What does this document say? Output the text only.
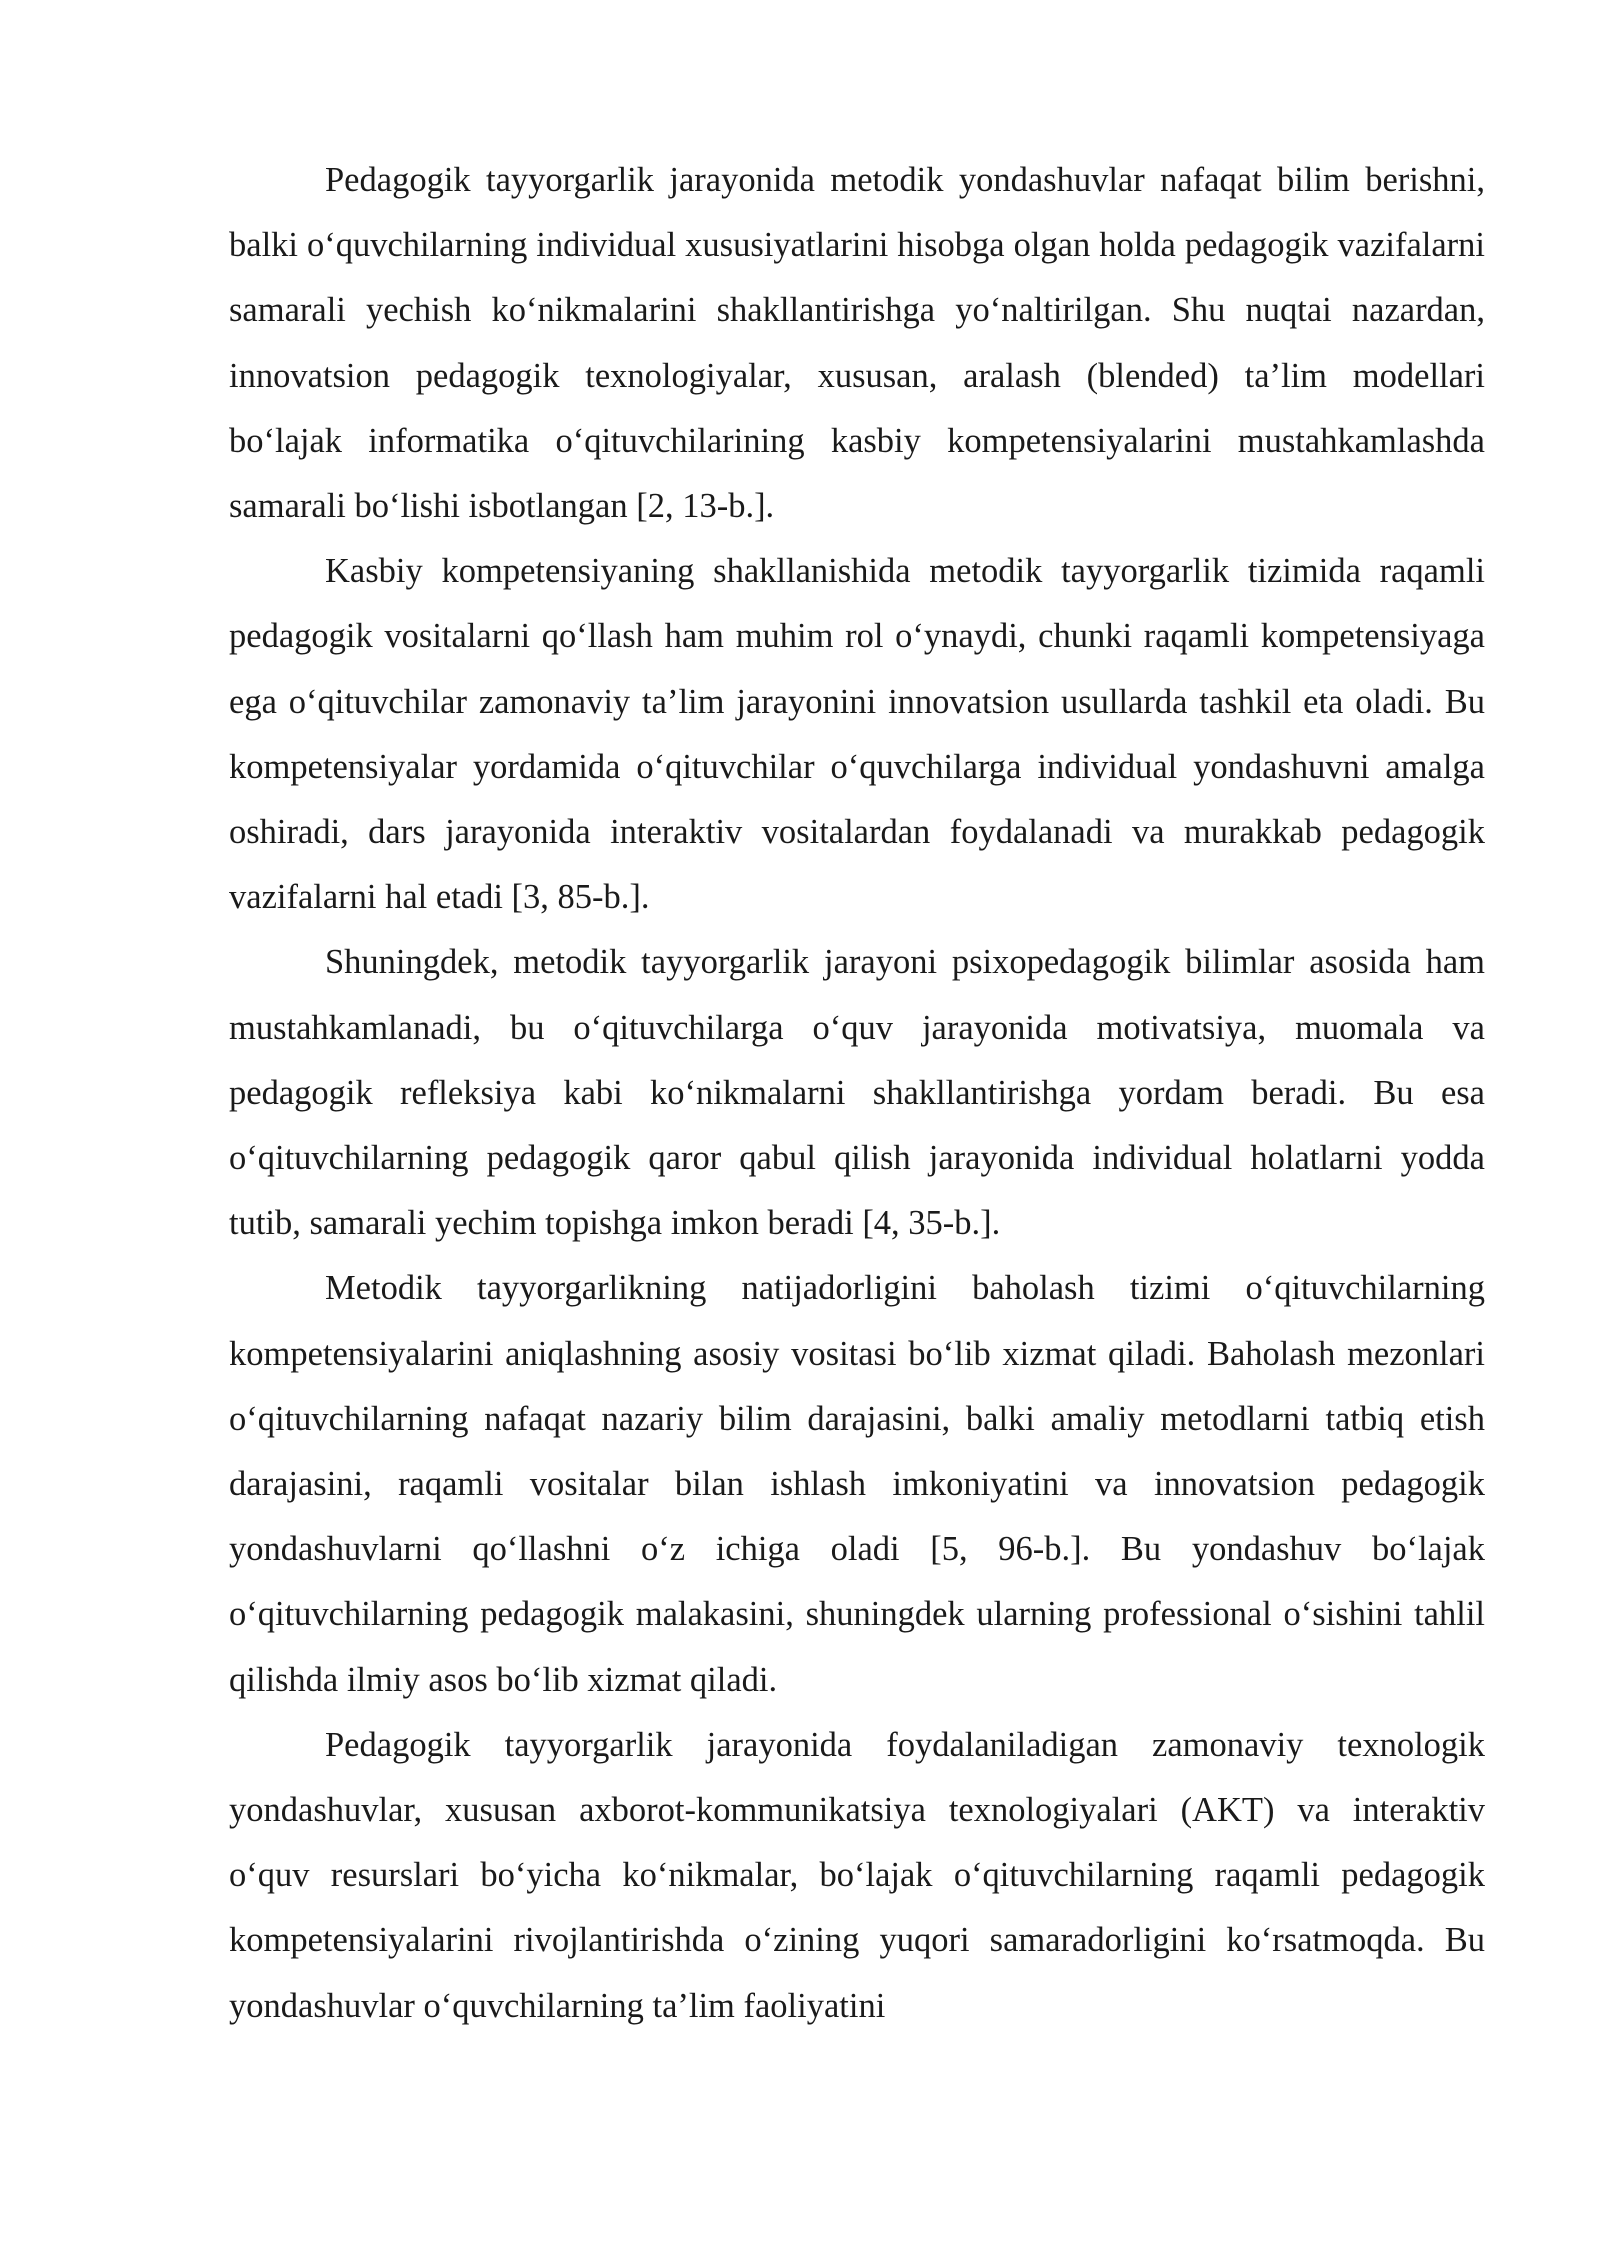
Pedagogik tayyorgarlik jarayonida metodik yondashuvlar nafaqat bilim berishni, balki o‘quvchilarning individual xususiyatlarini hisobga olgan holda pedagogik vazifalarni samarali yechish ko‘nikmalarini shakllantirishga yo‘naltirilgan. Shu nuqtai nazardan, innovatsion pedagogik texnologiyalar, xususan, aralash (blended) ta’lim modellari bo‘lajak informatika o‘qituvchilarining kasbiy kompetensiyalarini mustahkamlashda samarali bo‘lishi isbotlangan [2, 13-b.].

Kasbiy kompetensiyaning shakllanishida metodik tayyorgarlik tizimida raqamli pedagogik vositalarni qo‘llash ham muhim rol o‘ynaydi, chunki raqamli kompetensiyaga ega o‘qituvchilar zamonaviy ta’lim jarayonini innovatsion usullarda tashkil eta oladi. Bu kompetensiyalar yordamida o‘qituvchilar o‘quvchilarga individual yondashuvni amalga oshiradi, dars jarayonida interaktiv vositalardan foydalanadi va murakkab pedagogik vazifalarni hal etadi [3, 85-b.].

Shuningdek, metodik tayyorgarlik jarayoni psixopedagogik bilimlar asosida ham mustahkamlanadi, bu o‘qituvchilarga o‘quv jarayonida motivatsiya, muomala va pedagogik refleksiya kabi ko‘nikmalarni shakllantirishga yordam beradi. Bu esa o‘qituvchilarning pedagogik qaror qabul qilish jarayonida individual holatlarni yodda tutib, samarali yechim topishga imkon beradi [4, 35-b.].

Metodik tayyorgarlikning natijadorligini baholash tizimi o‘qituvchilarning kompetensiyalarini aniqlashning asosiy vositasi bo‘lib xizmat qiladi. Baholash mezonlari o‘qituvchilarning nafaqat nazariy bilim darajasini, balki amaliy metodlarni tatbiq etish darajasini, raqamli vositalar bilan ishlash imkoniyatini va innovatsion pedagogik yondashuvlarni qo‘llashni o‘z ichiga oladi [5, 96-b.]. Bu yondashuv bo‘lajak o‘qituvchilarning pedagogik malakasini, shuningdek ularning professional o‘sishini tahlil qilishda ilmiy asos bo‘lib xizmat qiladi.

Pedagogik tayyorgarlik jarayonida foydalaniladigan zamonaviy texnologik yondashuvlar, xususan axborot-kommunikatsiya texnologiyalari (AKT) va interaktiv o‘quv resurslari bo‘yicha ko‘nikmalar, bo‘lajak o‘qituvchilarning raqamli pedagogik kompetensiyalarini rivojlantirishda o‘zining yuqori samaradorligini ko‘rsatmoqda. Bu yondashuvlar o‘quvchilarning ta’lim faoliyatini
